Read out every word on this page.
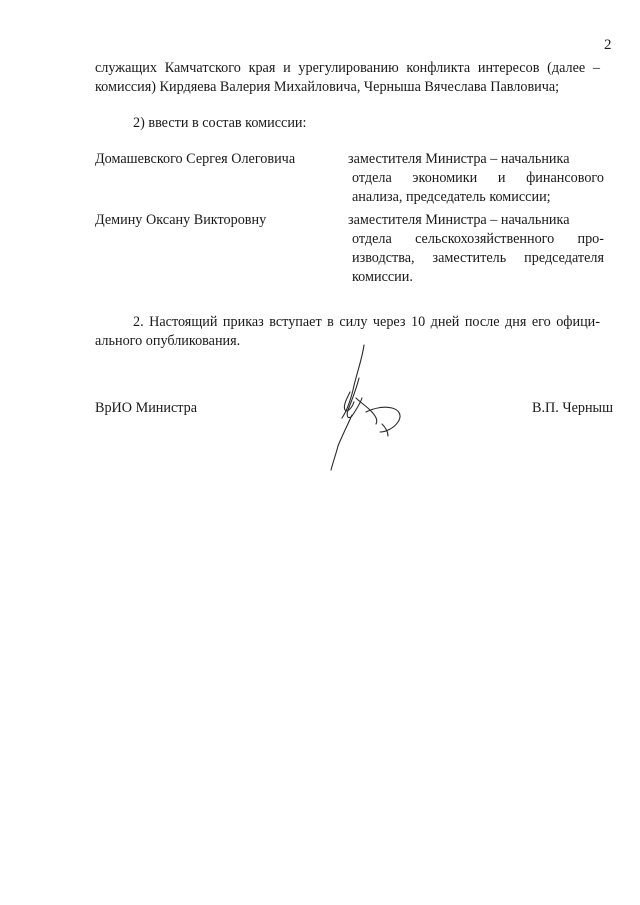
2
служащих Камчатского края и урегулированию конфликта интересов (далее –
комиссия) Кирдяева Валерия Михайловича, Черныша Вячеслава Павловича;
2) ввести в состав комиссии:
Домашевского Сергея Олеговича	заместителя Министра – начальника
отдела экономики и финансового
анализа, председатель комиссии;
Демину Оксану Викторовну	заместителя Министра – начальника
отдела сельскохозяйственного про-
изводства, заместитель председателя
комиссии.
2. Настоящий приказ вступает в силу через 10 дней после дня его офици-
ального опубликования.
ВрИО Министра	В.П. Черныш
